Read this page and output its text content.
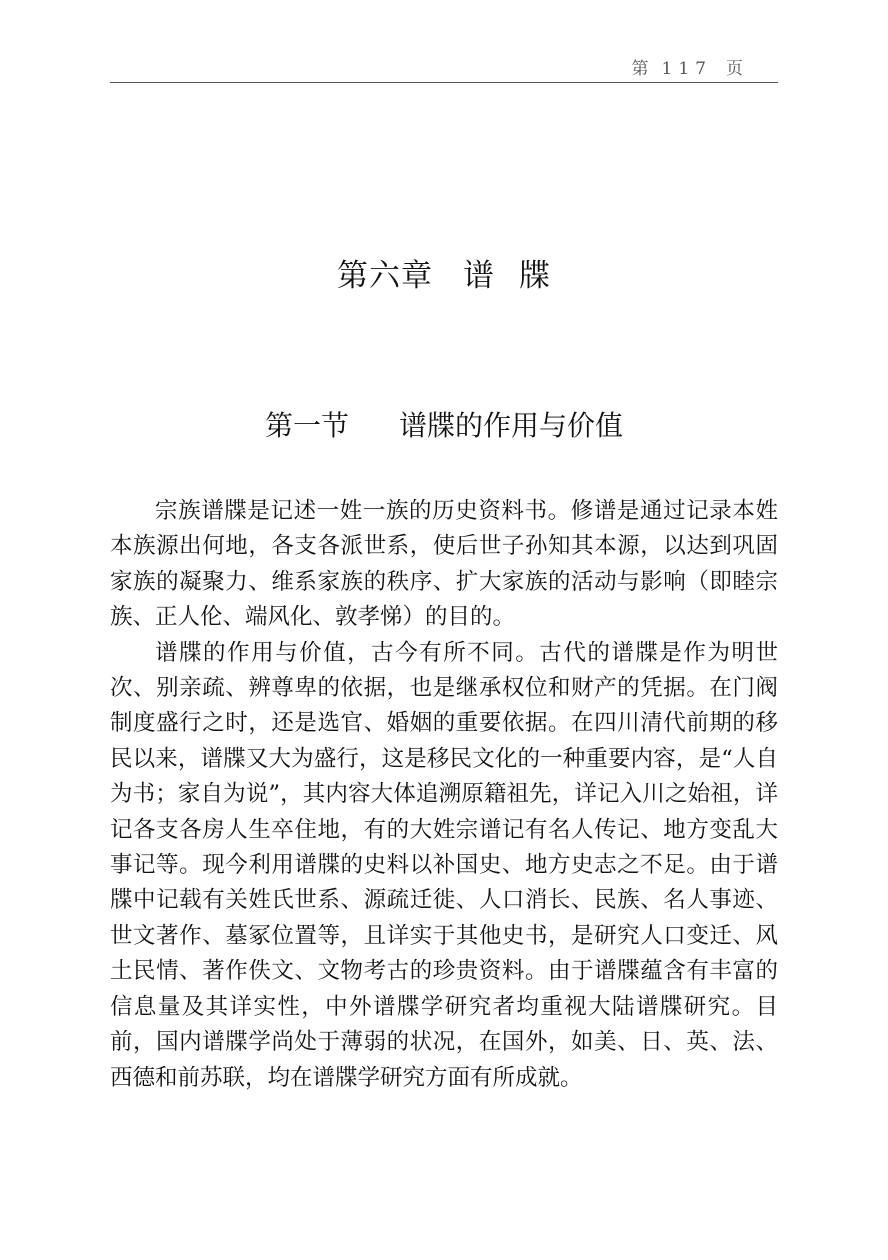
第 117 页
第六章 谱 牒
第一节 谱牒的作用与价值

宗族谱牒是记述一姓一族的历史资料书。修谱是通过记录本姓本族源出何地，各支各派世系，使后世子孙知其本源，以达到巩固家族的凝聚力、维系家族的秩序、扩大家族的活动与影响（即睦宗族、正人伦、端风化、敦孝悌）的目的。

谱牒的作用与价值，古今有所不同。古代的谱牒是作为明世次、别亲疏、辨尊卑的依据，也是继承权位和财产的凭据。在门阀制度盛行之时，还是选官、婚姻的重要依据。在四川清代前期的移民以来，谱牒又大为盛行，这是移民文化的一种重要内容，是“人自为书；家自为说”，其内容大体追溯原籍祖先，详记入川之始祖，详记各支各房人生卒住地，有的大姓宗谱记有名人传记、地方变乱大事记等。现今利用谱牒的史料以补国史、地方史志之不足。由于谱牒中记载有关姓氏世系、源疏迁徙、人口消长、民族、名人事迹、世文著作、墓冢位置等，且详实于其他史书，是研究人口变迁、风土民情、著作佚文、文物考古的珍贵资料。由于谱牒蕴含有丰富的信息量及其详实性，中外谱牒学研究者均重视大陆谱牒研究。目前，国内谱牒学尚处于薄弱的状况，在国外，如美、日、英、法、西德和前苏联，均在谱牒学研究方面有所成就。
